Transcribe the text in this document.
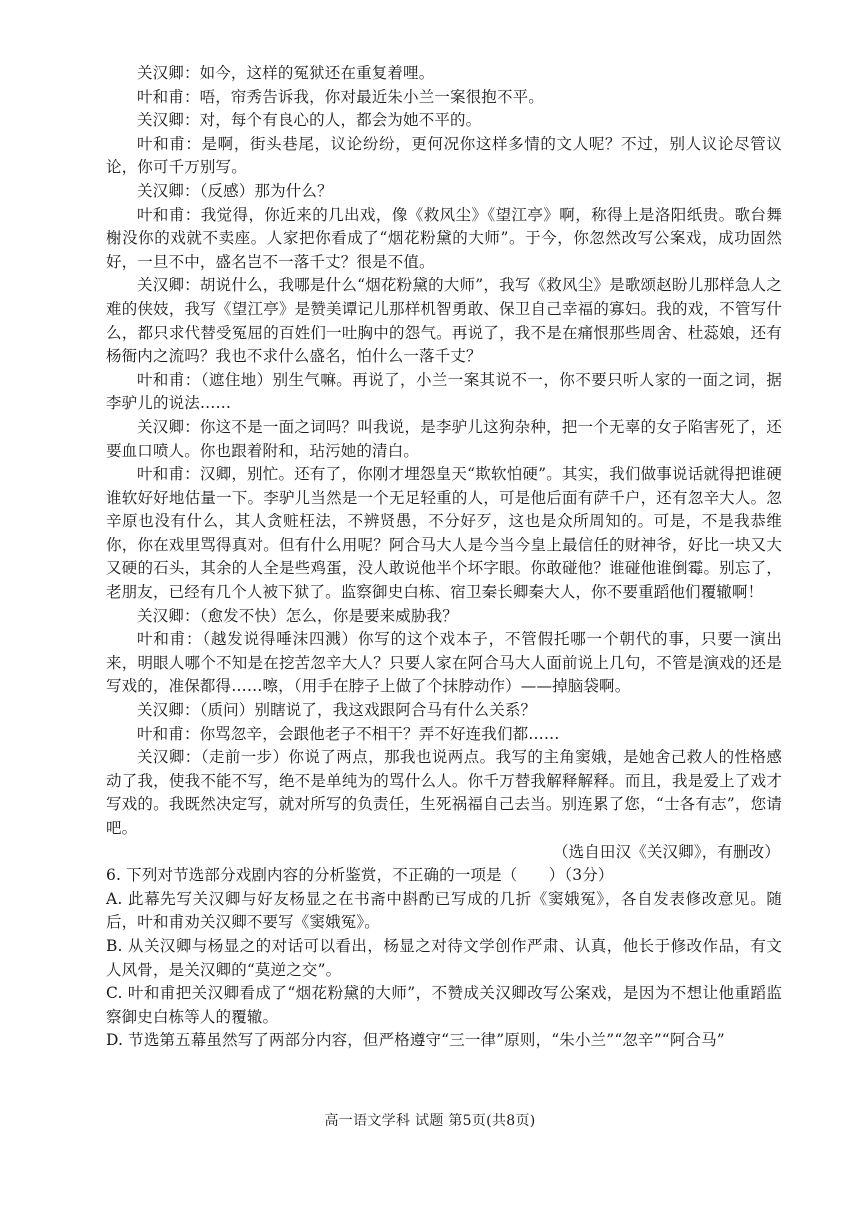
关汉卿：如今，这样的冤狱还在重复着哩。

叶和甫：唔，帘秀告诉我，你对最近朱小兰一案很抱不平。

关汉卿：对，每个有良心的人，都会为她不平的。

叶和甫：是啊，街头巷尾，议论纷纷，更何况你这样多情的文人呢？不过，别人议论尽管议论，你可千万别写。

关汉卿：（反感）那为什么？

叶和甫：我觉得，你近来的几出戏，像《救风尘》《望江亭》啊，称得上是洛阳纸贵。歌台舞榭没你的戏就不卖座。人家把你看成了“烟花粉黛的大师”。于今，你忽然改写公案戏，成功固然好，一旦不中，盛名岂不一落千丈？很是不值。

关汉卿：胡说什么，我哪是什么“烟花粉黛的大师”，我写《救风尘》是歌颂赵盼儿那样急人之难的侠妓，我写《望江亭》是赞美谭记儿那样机智勇敢、保卫自己幸福的寡妇。我的戏，不管写什么，都只求代替受冤屈的百姓们一吐胸中的怨气。再说了，我不是在痛恨那些周舍、杜蕊娘，还有杨衙内之流吗？我也不求什么盛名，怕什么一落千丈？

叶和甫：（遮住地）别生气嘛。再说了，小兰一案其说不一，你不要只听人家的一面之词，据李驴儿的说法……

关汉卿：你这不是一面之词吗？叫我说，是李驴儿这狗杂种，把一个无辜的女子陷害死了，还要血口喷人。你也跟着附和，玷污她的清白。

叶和甫：汉卿，别忙。还有了，你刚才埋怨皇天“欺软怕硬”。其实，我们做事说话就得把谁硬谁软好好地估量一下。李驴儿当然是一个无足轻重的人，可是他后面有萨千户，还有忽辛大人。忽辛原也没有什么，其人贪赃枉法，不辨贤愚，不分好歹，这也是众所周知的。可是，不是我恭维你，你在戏里骂得真对。但有什么用呢？阿合马大人是今当今皇上最信任的财神爷，好比一块又大又硬的石头，其余的人全是些鸡蛋，没人敢说他半个坏字眼。你敢碰他？谁碰他谁倒霉。别忘了，老朋友，已经有几个人被下狱了。监察御史白栋、宿卫秦长卿秦大人，你不要重蹈他们覆辙啊！

关汉卿：（愈发不快）怎么，你是要来威胁我？

叶和甫：（越发说得唾沫四溅）你写的这个戏本子，不管假托哪一个朝代的事，只要一演出来，明眼人哪个不知是在挖苦忽辛大人？只要人家在阿合马大人面前说上几句，不管是演戏的还是写戏的，准保都得……嚓，（用手在脖子上做了个抹脖动作）——掉脑袋啊。

关汉卿：（质问）别瞎说了，我这戏跟阿合马有什么关系？

叶和甫：你骂忽辛，会跟他老子不相干？弄不好连我们都……

关汉卿：（走前一步）你说了两点，那我也说两点。我写的主角窦娥，是她舍己救人的性格感动了我，使我不能不写，绝不是单纯为的骂什么人。你千万替我解释解释。而且，我是爱上了戏才写戏的。我既然决定写，就对所写的负责任，生死祸福自己去当。别连累了您，“士各有志”，您请吧。

（选自田汉《关汉卿》，有删改）

6. 下列对节选部分戏剧内容的分析鉴赏，不正确的一项是（　　）（3分）

A. 此幕先写关汉卿与好友杨显之在书斋中斟酌已写成的几折《窦娥冤》，各自发表修改意见。随后，叶和甫劝关汉卿不要写《窦娥冤》。

B. 从关汉卿与杨显之的对话可以看出，杨显之对待文学创作严肃、认真，他长于修改作品，有文人风骨，是关汉卿的“莫逆之交”。

C. 叶和甫把关汉卿看成了“烟花粉黛的大师”，不赞成关汉卿改写公案戏，是因为不想让他重蹈监察御史白栋等人的覆辙。

D. 节选第五幕虽然写了两部分内容，但严格遵守“三一律”原则，“朱小兰”“忽辛”“阿合马”

高一语文学科 试题 第5页(共8页)
